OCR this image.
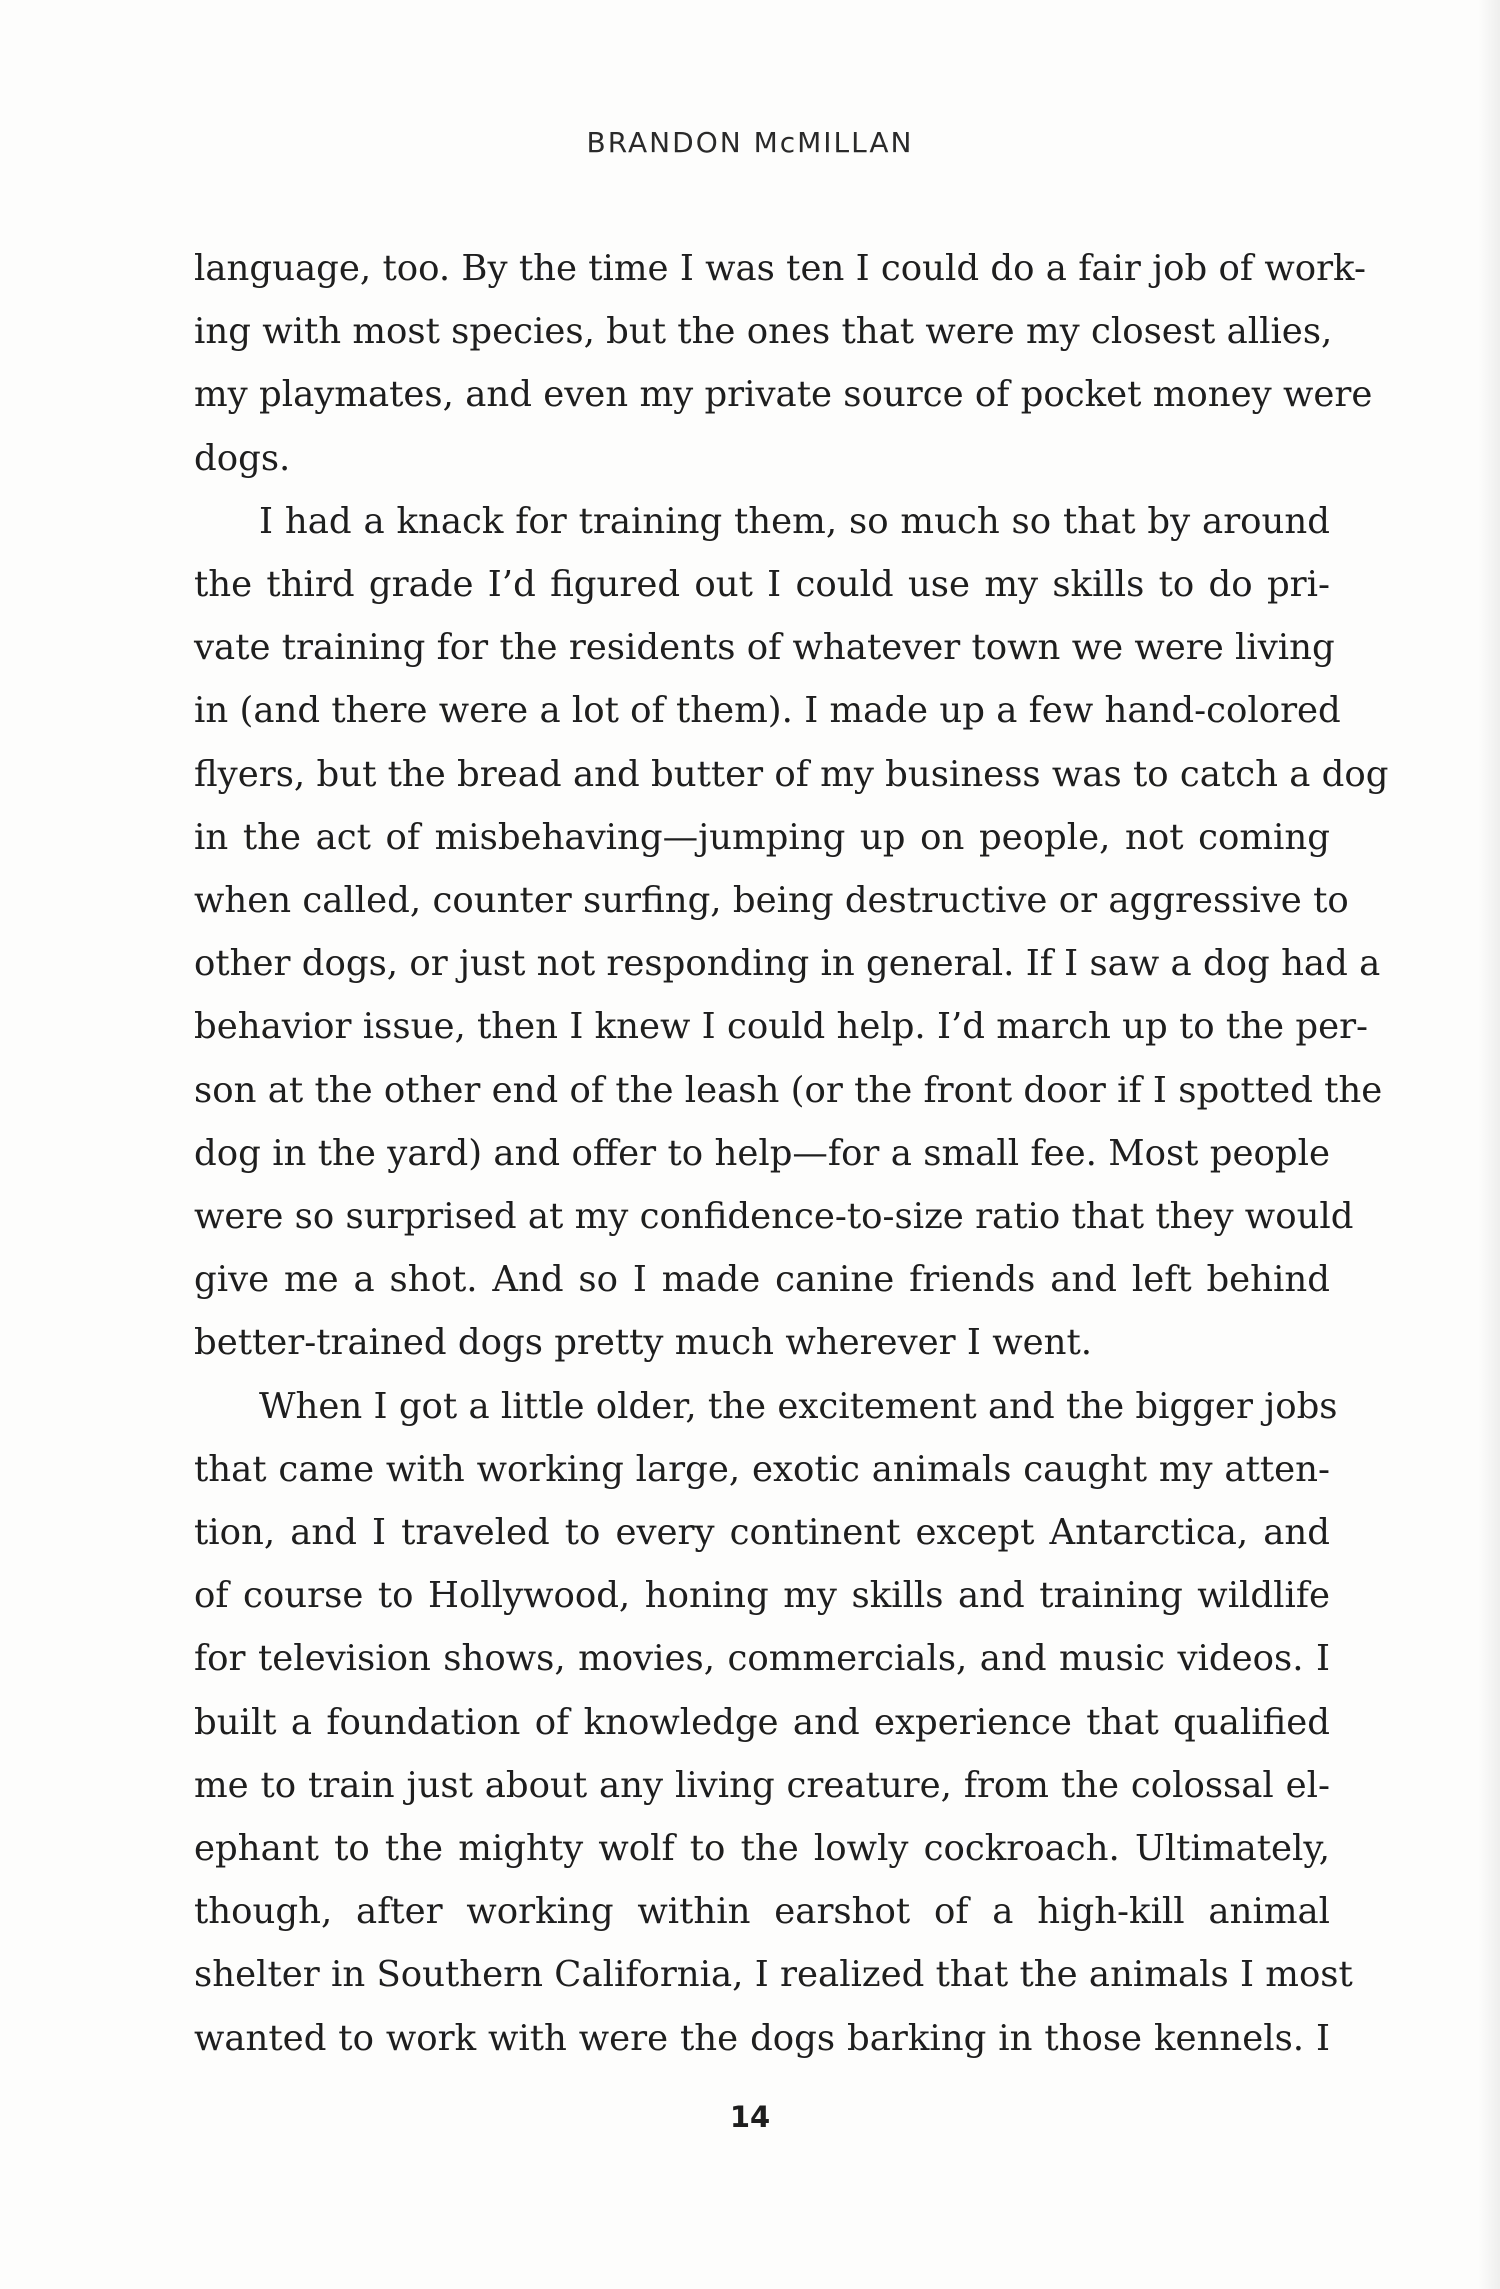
BRANDON McMILLAN

language, too. By the time I was ten I could do a fair job of work-
ing with most species, but the ones that were my closest allies,
my playmates, and even my private source of pocket money were
dogs.

I had a knack for training them, so much so that by around
the third grade I’d figured out I could use my skills to do pri-
vate training for the residents of whatever town we were living
in (and there were a lot of them). I made up a few hand-colored
flyers, but the bread and butter of my business was to catch a dog
in the act of misbehaving—jumping up on people, not coming
when called, counter surfing, being destructive or aggressive to
other dogs, or just not responding in general. If I saw a dog had a
behavior issue, then I knew I could help. I’d march up to the per-
son at the other end of the leash (or the front door if I spotted the
dog in the yard) and offer to help—for a small fee. Most people
were so surprised at my confidence-to-size ratio that they would
give me a shot. And so I made canine friends and left behind
better-trained dogs pretty much wherever I went.

When I got a little older, the excitement and the bigger jobs
that came with working large, exotic animals caught my atten-
tion, and I traveled to every continent except Antarctica, and
of course to Hollywood, honing my skills and training wildlife
for television shows, movies, commercials, and music videos. I
built a foundation of knowledge and experience that qualified
me to train just about any living creature, from the colossal el-
ephant to the mighty wolf to the lowly cockroach. Ultimately,
though, after working within earshot of a high-kill animal
shelter in Southern California, I realized that the animals I most
wanted to work with were the dogs barking in those kennels. I

14
